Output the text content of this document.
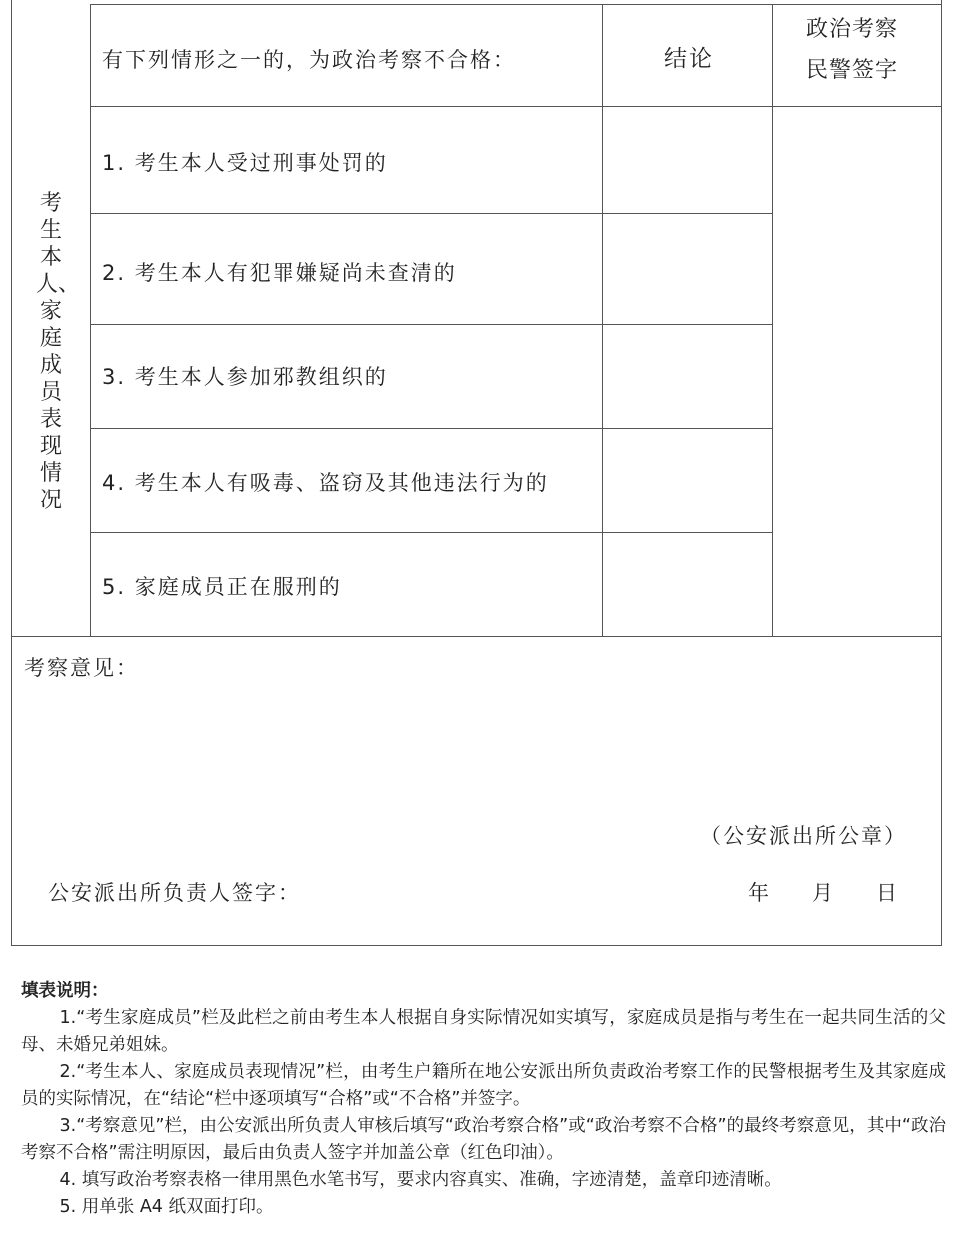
考生本人、家庭成员表现情况
有下列情形之一的，为政治考察不合格：	结论
政治考察
民警签字
1. 考生本人受过刑事处罚的
2. 考生本人有犯罪嫌疑尚未查清的
3. 考生本人参加邪教组织的
4. 考生本人有吸毒、盗窃及其他违法行为的
5. 家庭成员正在服刑的
考察意见：
（公安派出所公章）
公安派出所负责人签字：	年 月 日
填表说明：

1.“考生家庭成员”栏及此栏之前由考生本人根据自身实际情况如实填写，家庭成员是指与考生在一起共同生活的父母、未婚兄弟姐妹。

2.“考生本人、家庭成员表现情况”栏，由考生户籍所在地公安派出所负责政治考察工作的民警根据考生及其家庭成员的实际情况，在“结论“栏中逐项填写“合格”或“不合格”并签字。

3.“考察意见”栏，由公安派出所负责人审核后填写“政治考察合格”或“政治考察不合格”的最终考察意见，其中“政治考察不合格”需注明原因，最后由负责人签字并加盖公章（红色印油）。

4. 填写政治考察表格一律用黑色水笔书写，要求内容真实、准确，字迹清楚，盖章印迹清晰。

5. 用单张 A4 纸双面打印。
